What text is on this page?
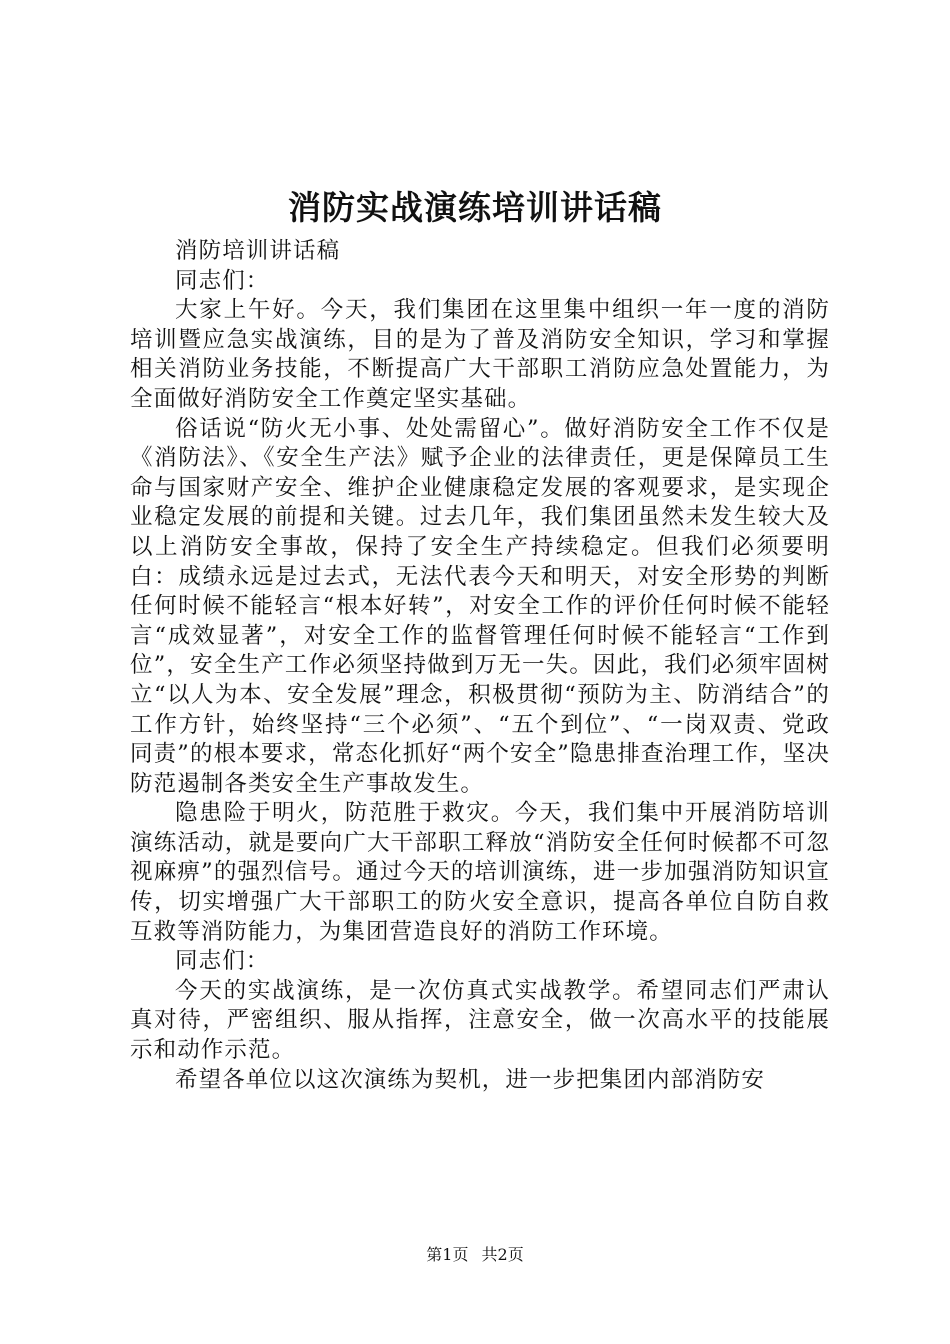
消防实战演练培训讲话稿

消防培训讲话稿

同志们：

大家上午好。今天，我们集团在这里集中组织一年一度的消防培训暨应急实战演练，目的是为了普及消防安全知识，学习和掌握相关消防业务技能，不断提高广大干部职工消防应急处置能力，为全面做好消防安全工作奠定坚实基础。

俗话说“防火无小事、处处需留心”。做好消防安全工作不仅是《消防法》、《安全生产法》赋予企业的法律责任，更是保障员工生命与国家财产安全、维护企业健康稳定发展的客观要求，是实现企业稳定发展的前提和关键。过去几年，我们集团虽然未发生较大及以上消防安全事故，保持了安全生产持续稳定。但我们必须要明白：成绩永远是过去式，无法代表今天和明天，对安全形势的判断任何时候不能轻言“根本好转”，对安全工作的评价任何时候不能轻言“成效显著”，对安全工作的监督管理任何时候不能轻言“工作到位”，安全生产工作必须坚持做到万无一失。因此，我们必须牢固树立“以人为本、安全发展”理念，积极贯彻“预防为主、防消结合”的工作方针，始终坚持“三个必须”、“五个到位”、“一岗双责、党政同责”的根本要求，常态化抓好“两个安全”隐患排查治理工作，坚决防范遏制各类安全生产事故发生。

隐患险于明火，防范胜于救灾。今天，我们集中开展消防培训演练活动，就是要向广大干部职工释放“消防安全任何时候都不可忽视麻痹”的强烈信号。通过今天的培训演练，进一步加强消防知识宣传，切实增强广大干部职工的防火安全意识，提高各单位自防自救互救等消防能力，为集团营造良好的消防工作环境。

同志们：

今天的实战演练，是一次仿真式实战教学。希望同志们严肃认真对待，严密组织、服从指挥，注意安全，做一次高水平的技能展示和动作示范。

希望各单位以这次演练为契机，进一步把集团内部消防安

第1页 共2页
